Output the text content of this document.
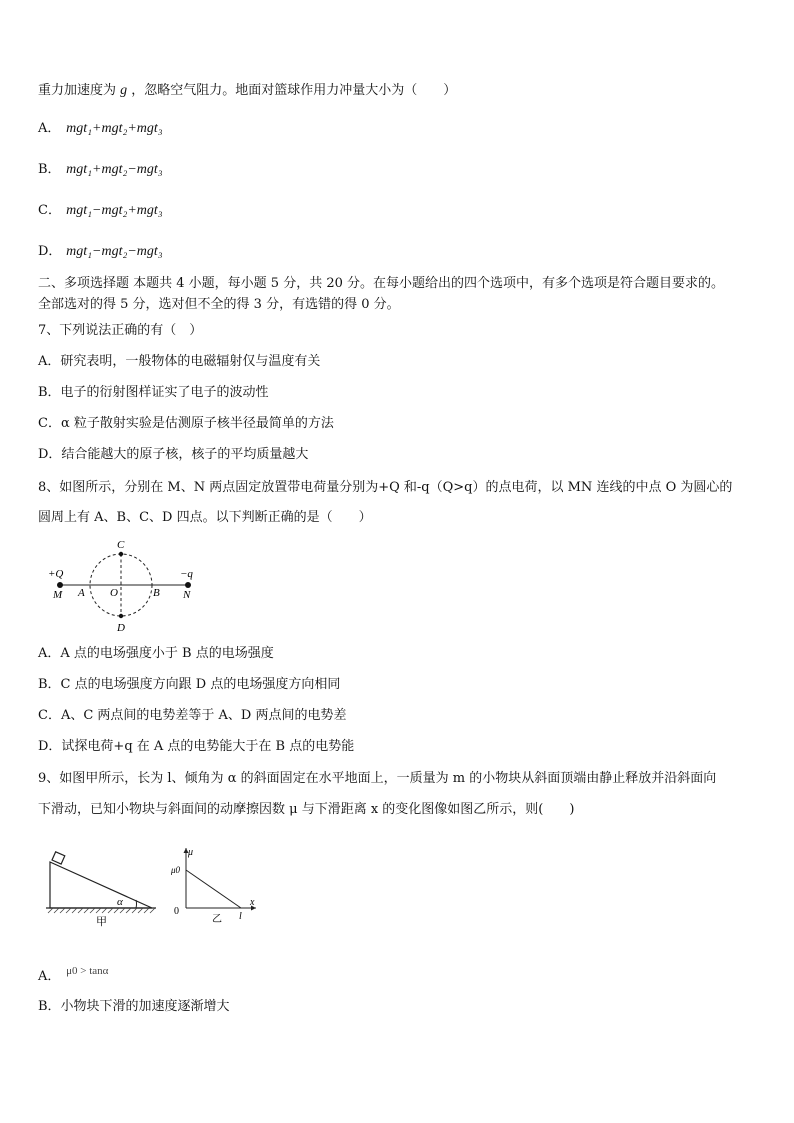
重力加速度为 g ，忽略空气阻力。地面对篮球作用力冲量大小为（　　）
A． mgt₁+mgt₂+mgt₃
B． mgt₁+mgt₂−mgt₃
C． mgt₁−mgt₂+mgt₃
D． mgt₁−mgt₂−mgt₃
二、多项选择题 本题共 4 小题，每小题 5 分，共 20 分。在每小题给出的四个选项中，有多个选项是符合题目要求的。
全部选对的得 5 分，选对但不全的得 3 分，有选错的得 0 分。
7、下列说法正确的有（　）
A．研究表明，一般物体的电磁辐射仅与温度有关
B．电子的衍射图样证实了电子的波动性
C．α 粒子散射实验是估测原子核半径最简单的方法
D．结合能越大的原子核，核子的平均质量越大
8、如图所示，分别在 M、N 两点固定放置带电荷量分别为+Q 和-q（Q>q）的点电荷，以 MN 连线的中点 O 为圆心的
圆周上有 A、B、C、D 四点。以下判断正确的是（　　）
+Q	−q
M	N
A O	B
C
D
A．A 点的电场强度小于 B 点的电场强度
B．C 点的电场强度方向跟 D 点的电场强度方向相同
C．A、C 两点间的电势差等于 A、D 两点间的电势差
D．试探电荷+q 在 A 点的电势能大于在 B 点的电势能
9、如图甲所示，长为 l、倾角为 α 的斜面固定在水平地面上，一质量为 m 的小物块从斜面顶端由静止释放并沿斜面向
下滑动，已知小物块与斜面间的动摩擦因数 μ 与下滑距离 x 的变化图像如图乙所示，则(　　)
α
甲
μ
μ0
0	l
x
乙
A． $^{\mu 0 > tan\alpha}$
B．小物块下滑的加速度逐渐增大
